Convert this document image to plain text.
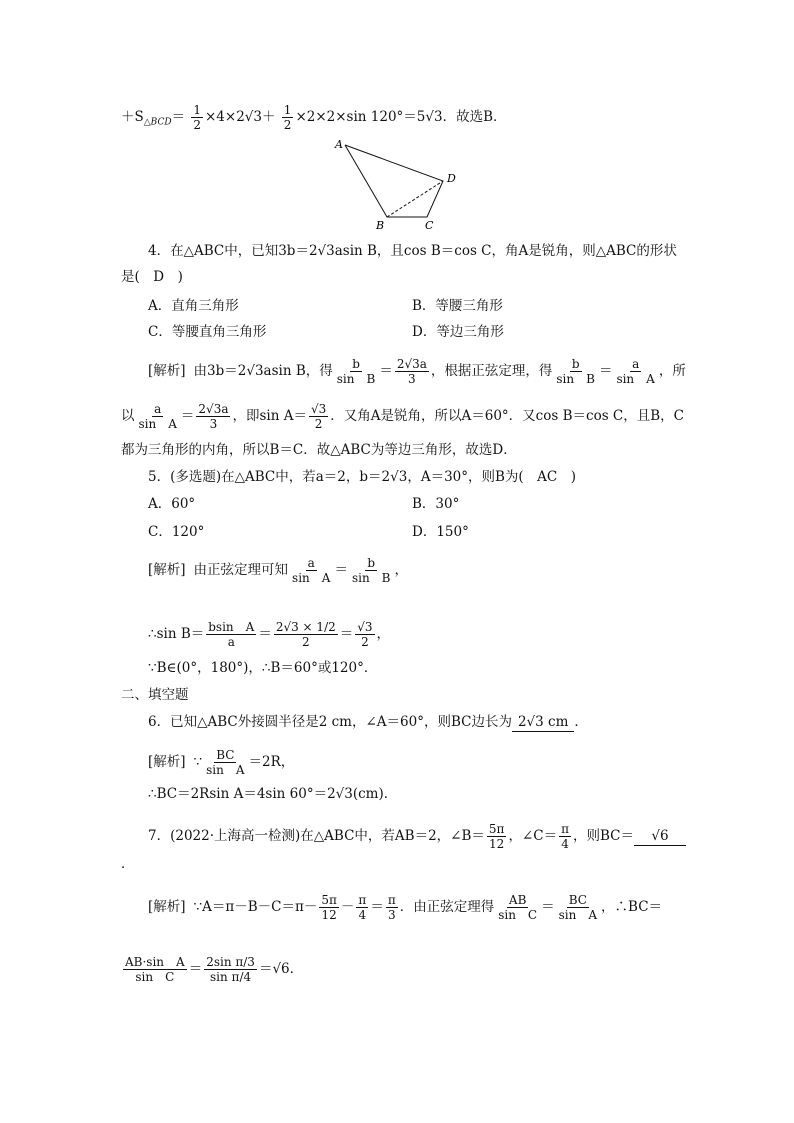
$+S_{\triangle BCD}= \frac{1}{2} \times 4\times 2√3+ \frac{1}{2} \times 2\times 2\times\sin$ 120°＝5√3．故选B．
A
D
B	C
4．在△ABC中，已知3b＝2√3asin B，且cos B＝cos C，角A是锐角，则△ABC的形状
是(　D　)
A．直角三角形	B．等腰三角形
C．等腰直角三角形	D．等边三角形
[解析] 由3b＝2√3asin B，得 $\frac{b}{\text{sin　B}} = \frac{2√3a}{3}$ ，根据正弦定理，得 $\frac{b}{\text{sin　B}} = \frac{a}{\text{sin　A}}$ ，所
以 $\frac{a}{\text{sin　A}} = \frac{2√3a}{3}$ ，即$\sin A= \frac{√3}{2}$ ．又角A是锐角，所以A＝60°．又cos B＝cos C，且B，C
都为三角形的内角，所以B＝C．故△ABC为等边三角形，故选D．
5．(多选题)在△ABC中，若a＝2，b＝2√3，A＝30°，则B为(　AC　)
A．60°	B．30°
C．120°	D．150°
[解析] 由正弦定理可知 $\frac{a}{\text{sin　A}} = \frac{b}{\text{sin　B}}$ ，
∴sin $B= \frac{\text{bsin　A}}{a} = \frac{2√3 \times 1/2}{2} = \frac{√3}{2}$ ，
∵B∈(0°，180°)，∴B＝60°或120°．
二、填空题
6．已知△ABC外接圆半径是2 cm，∠A＝60°，则BC边长为 2√3 cm ．
[解析] ∵ $\frac{BC}{\text{sin　A}} =2R$，
∴BC＝2Rsin A＝4sin 60°＝2√3(cm)．
7．(2022·上海高一检测)在△ABC中，若AB＝2，∠B＝ $\frac{5\pi}{12}$ ，∠C＝ $\frac{\pi}{4}$ ，则BC＝ √6
．
[解析] ∵A＝π－B－C＝π－ $\frac{5\pi}{12} - \frac{\pi}{4} = \frac{\pi}{3}$ ．由正弦定理得 $\frac{AB}{\text{sin　C}} = \frac{BC}{\text{sin　A}}$ ，∴BC＝
$\frac{\text{AB·sin　A}}{\text{sin　C}} = \frac{\text{2sin π/3}}{\text{sin π/4}} =√6$．
